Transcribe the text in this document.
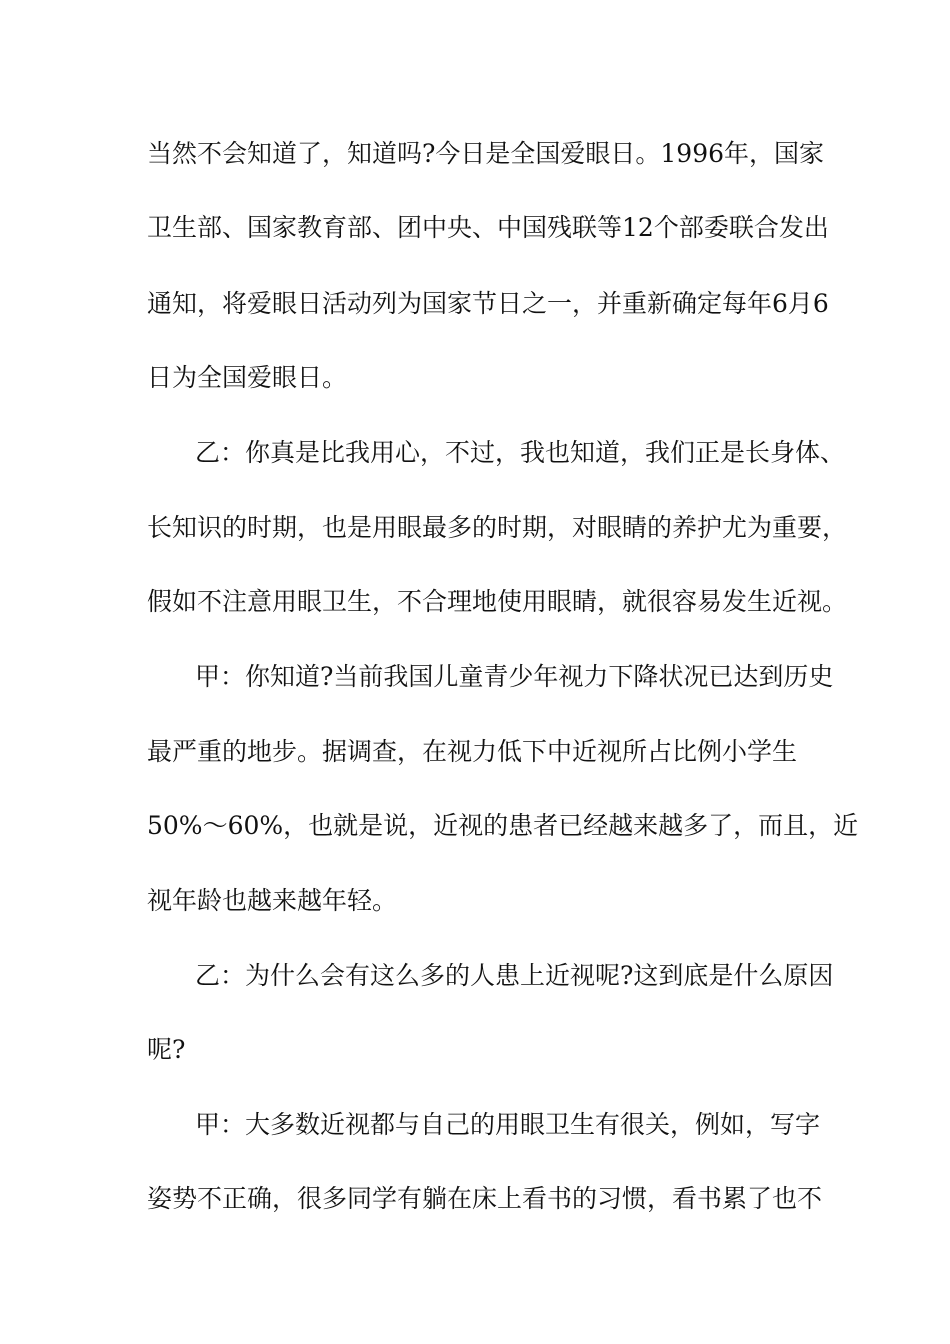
当然不会知道了，知道吗?今日是全国爱眼日。1996年，国家
卫生部、国家教育部、团中央、中国残联等12个部委联合发出
通知，将爱眼日活动列为国家节日之一，并重新确定每年6月6
日为全国爱眼日。
乙：你真是比我用心，不过，我也知道，我们正是长身体、
长知识的时期，也是用眼最多的时期，对眼睛的养护尤为重要，
假如不注意用眼卫生，不合理地使用眼睛，就很容易发生近视。
甲：你知道?当前我国儿童青少年视力下降状况已达到历史
最严重的地步。据调查，在视力低下中近视所占比例小学生
50%～60%，也就是说，近视的患者已经越来越多了，而且，近
视年龄也越来越年轻。
乙：为什么会有这么多的人患上近视呢?这到底是什么原因
呢?
甲：大多数近视都与自己的用眼卫生有很关，例如，写字
姿势不正确，很多同学有躺在床上看书的习惯，看书累了也不
